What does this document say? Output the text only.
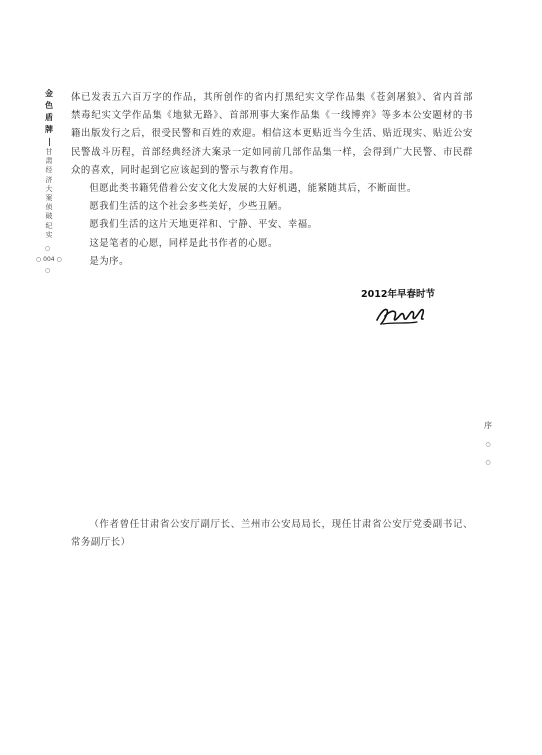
金
色
盾
牌
甘
肃
经
济
大
案
侦
破
纪
实
○
○ 004 ○
○

体已发表五六百万字的作品，其所创作的省内打黑纪实文学作品集《苍剑屠狼》、省内首部禁毒纪实文学作品集《地狱无路》、首部刑事大案作品集《一线博弈》等多本公安题材的书籍出版发行之后，很受民警和百姓的欢迎。相信这本更贴近当今生活、贴近现实、贴近公安民警战斗历程，首部经典经济大案录一定如同前几部作品集一样，会得到广大民警、市民群众的喜欢，同时起到它应该起到的警示与教育作用。

但愿此类书籍凭借着公安文化大发展的大好机遇，能紧随其后，不断面世。

愿我们生活的这个社会多些美好，少些丑陋。

愿我们生活的这片天地更祥和、宁静、平安、幸福。

这是笔者的心愿，同样是此书作者的心愿。

是为序。

2012年早春时节
序
○
○

（作者曾任甘肃省公安厅副厅长、兰州市公安局局长，现任甘肃省公安厅党委副书记、常务副厅长）
